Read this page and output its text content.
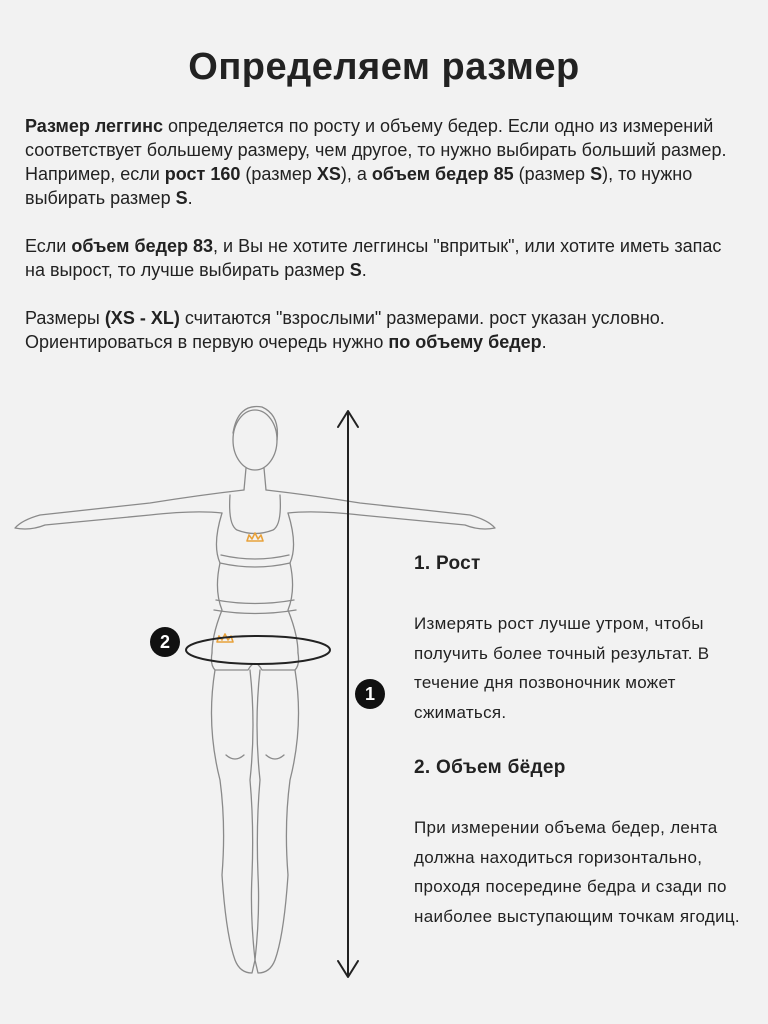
Определяем размер

Размер леггинс определяется по росту и объему бедер. Если одно из измерений соответствует большему размеру, чем другое, то нужно выбирать больший размер. Например, если рост 160 (размер XS), а объем бедер 85 (размер S), то нужно выбирать размер S.

Если объем бедер 83, и Вы не хотите леггинсы "впритык", или хотите иметь запас на вырост, то лучше выбирать размер S.

Размеры (XS - XL) считаются "взрослыми" размерами. рост указан условно. Ориентироваться в первую очередь нужно по объему бедер.

1
2
1. Рост

Измерять рост лучше утром, чтобы получить более точный результат. В течение дня позвоночник может сжиматься.

2. Объем бёдер

При измерении объема бедер, лента должна находиться горизонтально, проходя посередине бедра и сзади по наиболее выступающим точкам ягодиц.
